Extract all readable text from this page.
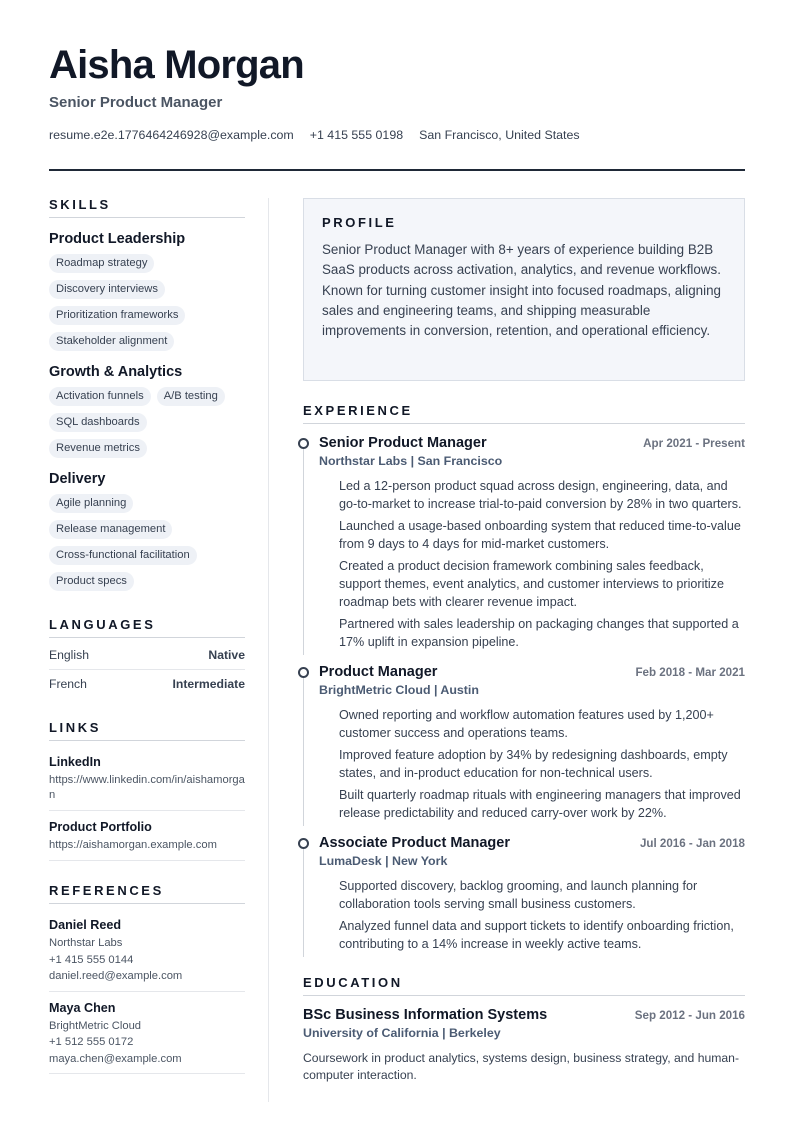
Aisha Morgan
Senior Product Manager
resume.e2e.1776464246928@example.com +1 415 555 0198 San Francisco, United States
SKILLS
Product Leadership
Roadmap strategy
Discovery interviews
Prioritization frameworks
Stakeholder alignment
Growth & Analytics
Activation funnels	A/B testing
SQL dashboards
Revenue metrics
Delivery
Agile planning
Release management
Cross-functional facilitation
Product specs
LANGUAGES
English	Native
French	Intermediate
LINKS
LinkedIn
https://www.linkedin.com/in/aishamorgan
Product Portfolio
https://aishamorgan.example.com
REFERENCES
Daniel Reed
Northstar Labs
+1 415 555 0144
daniel.reed@example.com
Maya Chen
BrightMetric Cloud
+1 512 555 0172
maya.chen@example.com
PROFILE
Senior Product Manager with 8+ years of experience building B2B SaaS products across activation, analytics, and revenue workflows. Known for turning customer insight into focused roadmaps, aligning sales and engineering teams, and shipping measurable improvements in conversion, retention, and operational efficiency.
EXPERIENCE
Senior Product Manager	Apr 2021 - Present
Northstar Labs | San Francisco
Led a 12-person product squad across design, engineering, data, and go-to-market to increase trial-to-paid conversion by 28% in two quarters.
Launched a usage-based onboarding system that reduced time-to-value from 9 days to 4 days for mid-market customers.
Created a product decision framework combining sales feedback, support themes, event analytics, and customer interviews to prioritize roadmap bets with clearer revenue impact.
Partnered with sales leadership on packaging changes that supported a 17% uplift in expansion pipeline.
Product Manager	Feb 2018 - Mar 2021
BrightMetric Cloud | Austin
Owned reporting and workflow automation features used by 1,200+ customer success and operations teams.
Improved feature adoption by 34% by redesigning dashboards, empty states, and in-product education for non-technical users.
Built quarterly roadmap rituals with engineering managers that improved release predictability and reduced carry-over work by 22%.
Associate Product Manager	Jul 2016 - Jan 2018
LumaDesk | New York
Supported discovery, backlog grooming, and launch planning for collaboration tools serving small business customers.
Analyzed funnel data and support tickets to identify onboarding friction, contributing to a 14% increase in weekly active teams.
EDUCATION
BSc Business Information Systems	Sep 2012 - Jun 2016
University of California | Berkeley
Coursework in product analytics, systems design, business strategy, and human-computer interaction.
